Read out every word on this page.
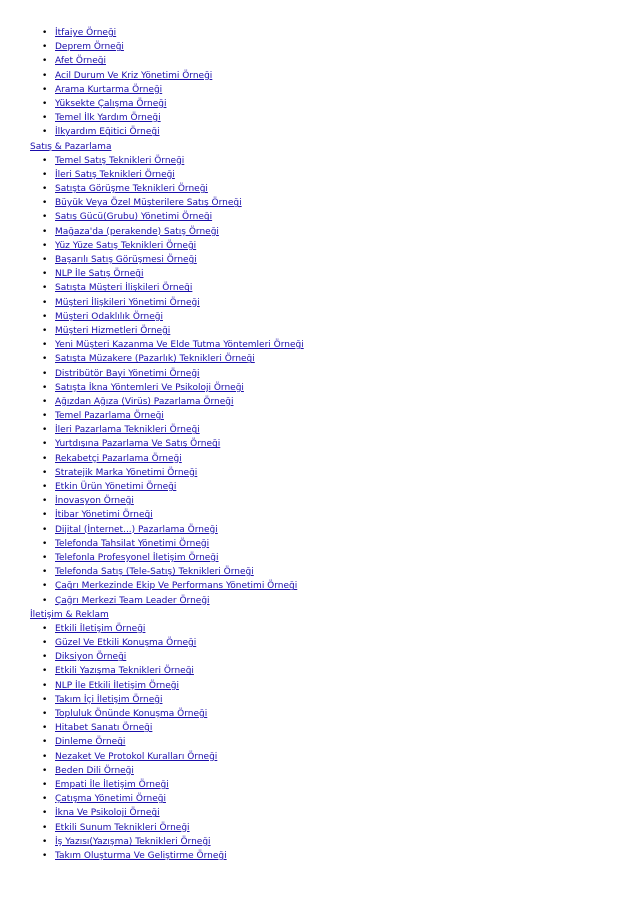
• İtfaiye Örneği
• Deprem Örneği
• Afet Örneği
• Acil Durum Ve Kriz Yönetimi Örneği
• Arama Kurtarma Örneği
• Yüksekte Çalışma Örneği
• Temel İlk Yardım Örneği
• İlkyardım Eğitici Örneği
Satış & Pazarlama
• Temel Satış Teknikleri Örneği
• İleri Satış Teknikleri Örneği
• Satışta Görüşme Teknikleri Örneği
• Büyük Veya Özel Müşterilere Satış Örneği
• Satış Gücü(Grubu) Yönetimi Örneği
• Mağaza'da (perakende) Satış Örneği
• Yüz Yüze Satış Teknikleri Örneği
• Başarılı Satış Görüşmesi Örneği
• NLP İle Satış Örneği
• Satışta Müşteri İlişkileri Örneği
• Müşteri İlişkileri Yönetimi Örneği
• Müşteri Odaklılık Örneği
• Müşteri Hizmetleri Örneği
• Yeni Müşteri Kazanma Ve Elde Tutma Yöntemleri Örneği
• Satışta Müzakere (Pazarlık) Teknikleri Örneği
• Distribütör Bayi Yönetimi Örneği
• Satışta İkna Yöntemleri Ve Psikoloji Örneği
• Ağızdan Ağıza (Virüs) Pazarlama Örneği
• Temel Pazarlama Örneği
• İleri Pazarlama Teknikleri Örneği
• Yurtdışına Pazarlama Ve Satış Örneği
• Rekabetçi Pazarlama Örneği
• Stratejik Marka Yönetimi Örneği
• Etkin Ürün Yönetimi Örneği
• İnovasyon Örneği
• İtibar Yönetimi Örneği
• Dijital (İnternet...) Pazarlama Örneği
• Telefonda Tahsilat Yönetimi Örneği
• Telefonla Profesyonel İletişim Örneği
• Telefonda Satış (Tele-Satış) Teknikleri Örneği
• Çağrı Merkezinde Ekip Ve Performans Yönetimi Örneği
• Çağrı Merkezi Team Leader Örneği
İletişim & Reklam
• Etkili İletişim Örneği
• Güzel Ve Etkili Konuşma Örneği
• Diksiyon Örneği
• Etkili Yazışma Teknikleri Örneği
• NLP İle Etkili İletişim Örneği
• Takım İçi İletişim Örneği
• Topluluk Önünde Konuşma Örneği
• Hitabet Sanatı Örneği
• Dinleme Örneği
• Nezaket Ve Protokol Kuralları Örneği
• Beden Dili Örneği
• Empati İle İletişim Örneği
• Çatışma Yönetimi Örneği
• İkna Ve Psikoloji Örneği
• Etkili Sunum Teknikleri Örneği
• İş Yazısı(Yazışma) Teknikleri Örneği
• Takım Oluşturma Ve Geliştirme Örneği
